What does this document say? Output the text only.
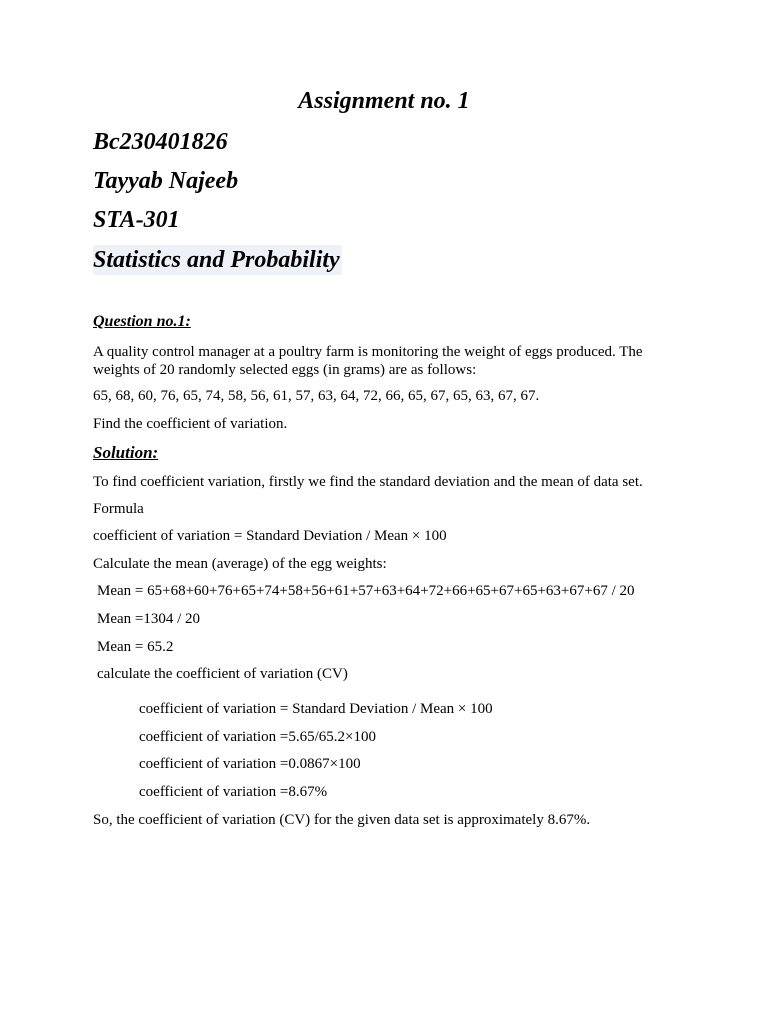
Assignment no. 1
Bc230401826
Tayyab Najeeb
STA-301
Statistics and Probability
Question no.1:
A quality control manager at a poultry farm is monitoring the weight of eggs produced. The weights of 20 randomly selected eggs (in grams) are as follows:
65, 68, 60, 76, 65, 74, 58, 56, 61, 57, 63, 64, 72, 66, 65, 67, 65, 63, 67, 67.
Find the coefficient of variation.
Solution:
To find coefficient variation, firstly we find the standard deviation and the mean of data set.
Formula
coefficient of variation = Standard Deviation / Mean × 100
Calculate the mean (average) of the egg weights:
Mean = 65+68+60+76+65+74+58+56+61+57+63+64+72+66+65+67+65+63+67+67 / 20
Mean =1304 / 20
Mean = 65.2
calculate the coefficient of variation (CV)
coefficient of variation = Standard Deviation / Mean × 100
coefficient of variation =5.65/65.2×100
coefficient of variation =0.0867×100
coefficient of variation =8.67%
So, the coefficient of variation (CV) for the given data set is approximately 8.67%.
